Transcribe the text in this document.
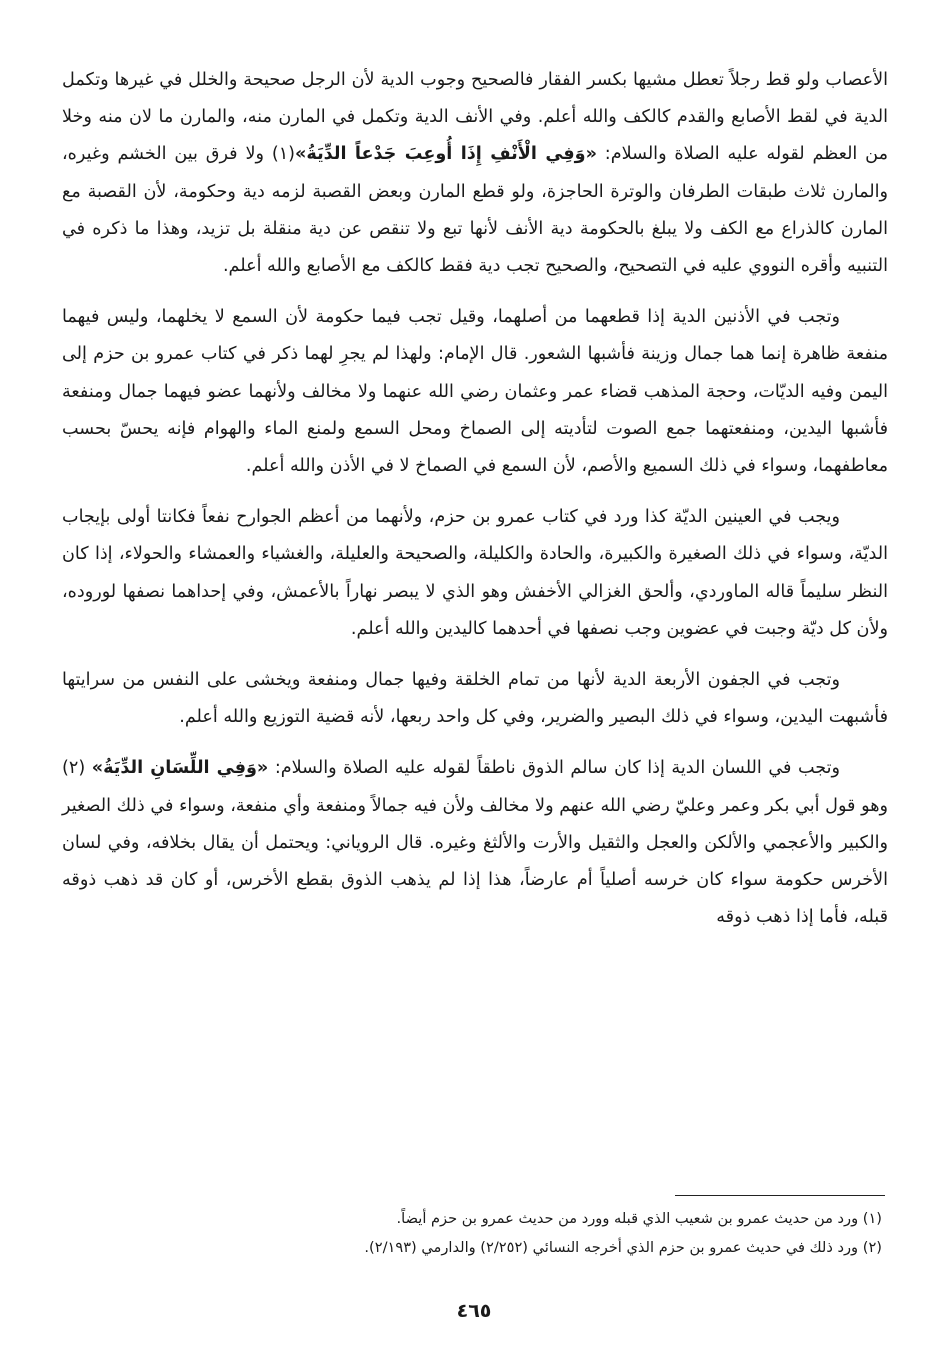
الأعصاب ولو قط رجلاً تعطل مشيها بكسر الفقار فالصحيح وجوب الدية لأن الرجل صحيحة والخلل في غيرها وتكمل الدية في لقط الأصابع والقدم كالكف والله أعلم. وفي الأنف الدية وتكمل في المارن منه، والمارن ما لان منه وخلا من العظم لقوله عليه الصلاة والسلام: «وَفِي الْأَنْفِ إِذَا أُوعِبَ جَدْعاً الدِّيَةُ»(١) ولا فرق بين الخشم وغيره، والمارن ثلاث طبقات الطرفان والوترة الحاجزة، ولو قطع المارن وبعض القصبة لزمه دية وحكومة، لأن القصبة مع المارن كالذراع مع الكف ولا يبلغ بالحكومة دية الأنف لأنها تبع ولا تنقص عن دية منقلة بل تزيد، وهذا ما ذكره في التنبيه وأقره النووي عليه في التصحيح، والصحيح تجب دية فقط كالكف مع الأصابع والله أعلم.

وتجب في الأذنين الدية إذا قطعهما من أصلهما، وقيل تجب فيما حكومة لأن السمع لا يخلهما، وليس فيهما منفعة ظاهرة إنما هما جمال وزينة فأشبها الشعور. قال الإمام: ولهذا لم يجرِ لهما ذكر في كتاب عمرو بن حزم إلى اليمن وفيه الديّات، وحجة المذهب قضاء عمر وعثمان رضي الله عنهما ولا مخالف ولأنهما عضو فيهما جمال ومنفعة فأشبها اليدين، ومنفعتهما جمع الصوت لتأديته إلى الصماخ ومحل السمع ولمنع الماء والهوام فإنه يحسّ بحسب معاطفهما، وسواء في ذلك السميع والأصم، لأن السمع في الصماخ لا في الأذن والله أعلم.

ويجب في العينين الديّة كذا ورد في كتاب عمرو بن حزم، ولأنهما من أعظم الجوارح نفعاً فكانتا أولى بإيجاب الديّة، وسواء في ذلك الصغيرة والكبيرة، والحادة والكليلة، والصحيحة والعليلة، والغشياء والعمشاء والحولاء، إذا كان النظر سليماً قاله الماوردي، وألحق الغزالي الأخفش وهو الذي لا يبصر نهاراً بالأعمش، وفي إحداهما نصفها لوروده، ولأن كل ديّة وجبت في عضوين وجب نصفها في أحدهما كاليدين والله أعلم.

وتجب في الجفون الأربعة الدية لأنها من تمام الخلقة وفيها جمال ومنفعة ويخشى على النفس من سرايتها فأشبهت اليدين، وسواء في ذلك البصير والضرير، وفي كل واحد ربعها، لأنه قضية التوزيع والله أعلم.

وتجب في اللسان الدية إذا كان سالم الذوق ناطقاً لقوله عليه الصلاة والسلام: «وَفِي اللِّسَانِ الدِّيَةُ» (٢) وهو قول أبي بكر وعمر وعليّ رضي الله عنهم ولا مخالف ولأن فيه جمالاً ومنفعة وأي منفعة، وسواء في ذلك الصغير والكبير والأعجمي والألكن والعجل والثقيل والأرت والألثغ وغيره. قال الروياني: ويحتمل أن يقال بخلافه، وفي لسان الأخرس حكومة سواء كان خرسه أصلياً أم عارضاً، هذا إذا لم يذهب الذوق بقطع الأخرس، أو كان قد ذهب ذوقه قبله، فأما إذا ذهب ذوقه

(١) ورد من حديث عمرو بن شعيب الذي قبله وورد من حديث عمرو بن حزم أيضاً.

(٢) ورد ذلك في حديث عمرو بن حزم الذي أخرجه النسائي (٢/٢٥٢) والدارمي (٢/١٩٣).

٤٦٥
